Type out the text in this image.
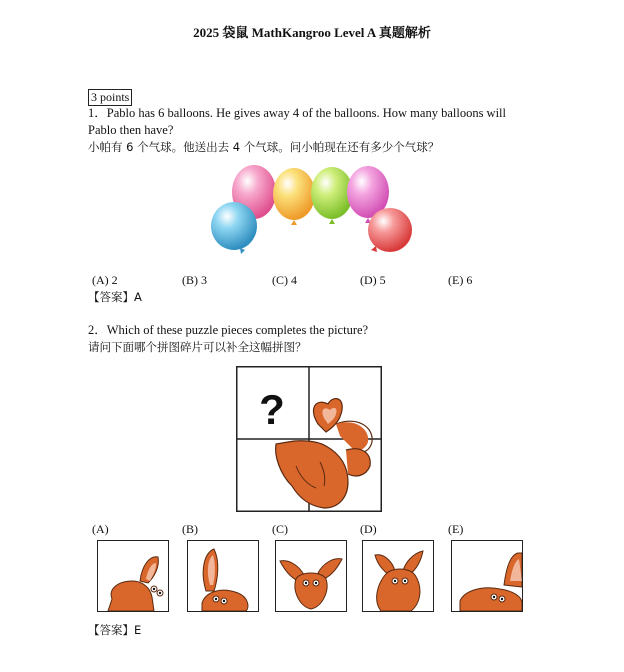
2025 袋鼠 MathKangroo Level A 真题解析
3 points
1．Pablo has 6 balloons. He gives away 4 of the balloons. How many balloons will
Pablo then have?
小帕有 6 个气球。他送出去 4 个气球。问小帕现在还有多少个气球？
(A) 2	(B) 3	(C) 4	(D) 5	(E) 6
【答案】A
2．Which of these puzzle pieces completes the picture?
请问下面哪个拼图碎片可以补全这幅拼图？
?
(A)	(B)	(C)	(D)	(E)
【答案】E
